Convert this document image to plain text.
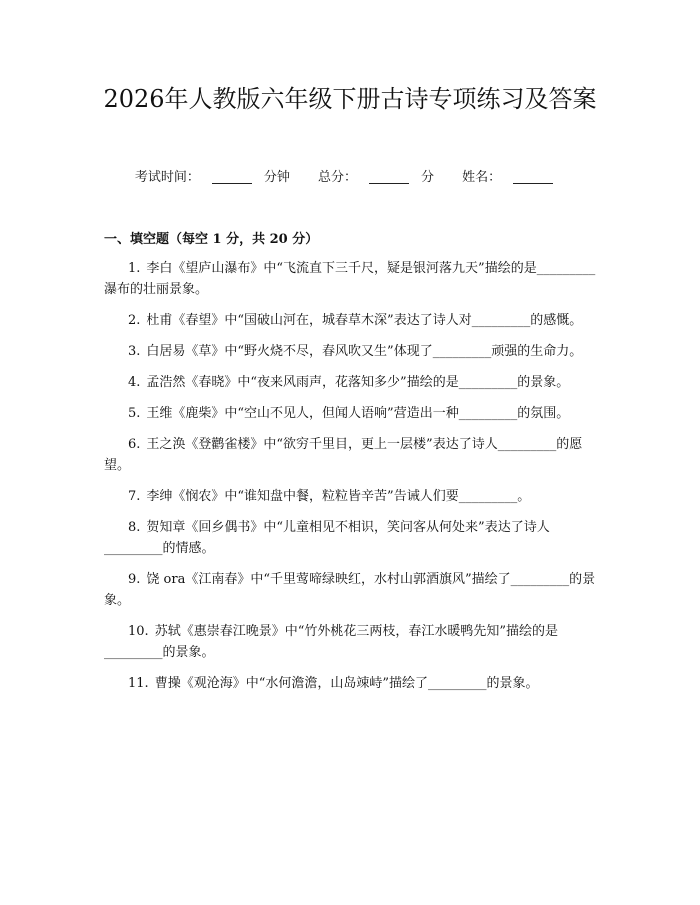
2026年人教版六年级下册古诗专项练习及答案
考试时间：	分钟 总分：	分 姓名：
一、填空题（每空 1 分，共 20 分）
1. 李白《望庐山瀑布》中“飞流直下三千尺，疑是银河落九天”描绘的是_________瀑布的壮丽景象。
2. 杜甫《春望》中“国破山河在，城春草木深”表达了诗人对_________的感慨。
3. 白居易《草》中“野火烧不尽，春风吹又生”体现了_________顽强的生命力。
4. 孟浩然《春晓》中“夜来风雨声，花落知多少”描绘的是_________的景象。
5. 王维《鹿柴》中“空山不见人，但闻人语响”营造出一种_________的氛围。
6. 王之涣《登鹳雀楼》中“欲穷千里目，更上一层楼”表达了诗人_________的愿望。
7. 李绅《悯农》中“谁知盘中餐，粒粒皆辛苦”告诫人们要_________。
8. 贺知章《回乡偶书》中“儿童相见不相识，笑问客从何处来”表达了诗人_________的情感。
9. 饶 ora《江南春》中“千里莺啼绿映红，水村山郭酒旗风”描绘了_________的景象。
10. 苏轼《惠崇春江晚景》中“竹外桃花三两枝，春江水暖鸭先知”描绘的是_________的景象。
11. 曹操《观沧海》中“水何澹澹，山岛竦峙”描绘了_________的景象。
